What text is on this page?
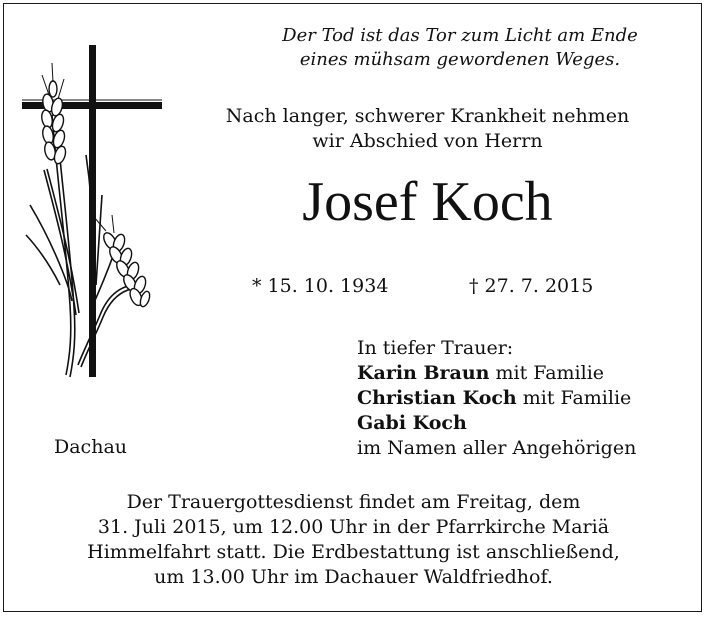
Der Tod ist das Tor zum Licht am Ende
eines mühsam gewordenen Weges.
Nach langer, schwerer Krankheit nehmen
wir Abschied von Herrn
Josef Koch
* 15. 10. 1934	† 27. 7. 2015
In tiefer Trauer:
Karin Braun mit Familie
Christian Koch mit Familie
Gabi Koch
im Namen aller Angehörigen
Dachau
Der Trauergottesdienst findet am Freitag, dem
31. Juli 2015, um 12.00 Uhr in der Pfarrkirche Mariä
Himmelfahrt statt. Die Erdbestattung ist anschließend,
um 13.00 Uhr im Dachauer Waldfriedhof.
